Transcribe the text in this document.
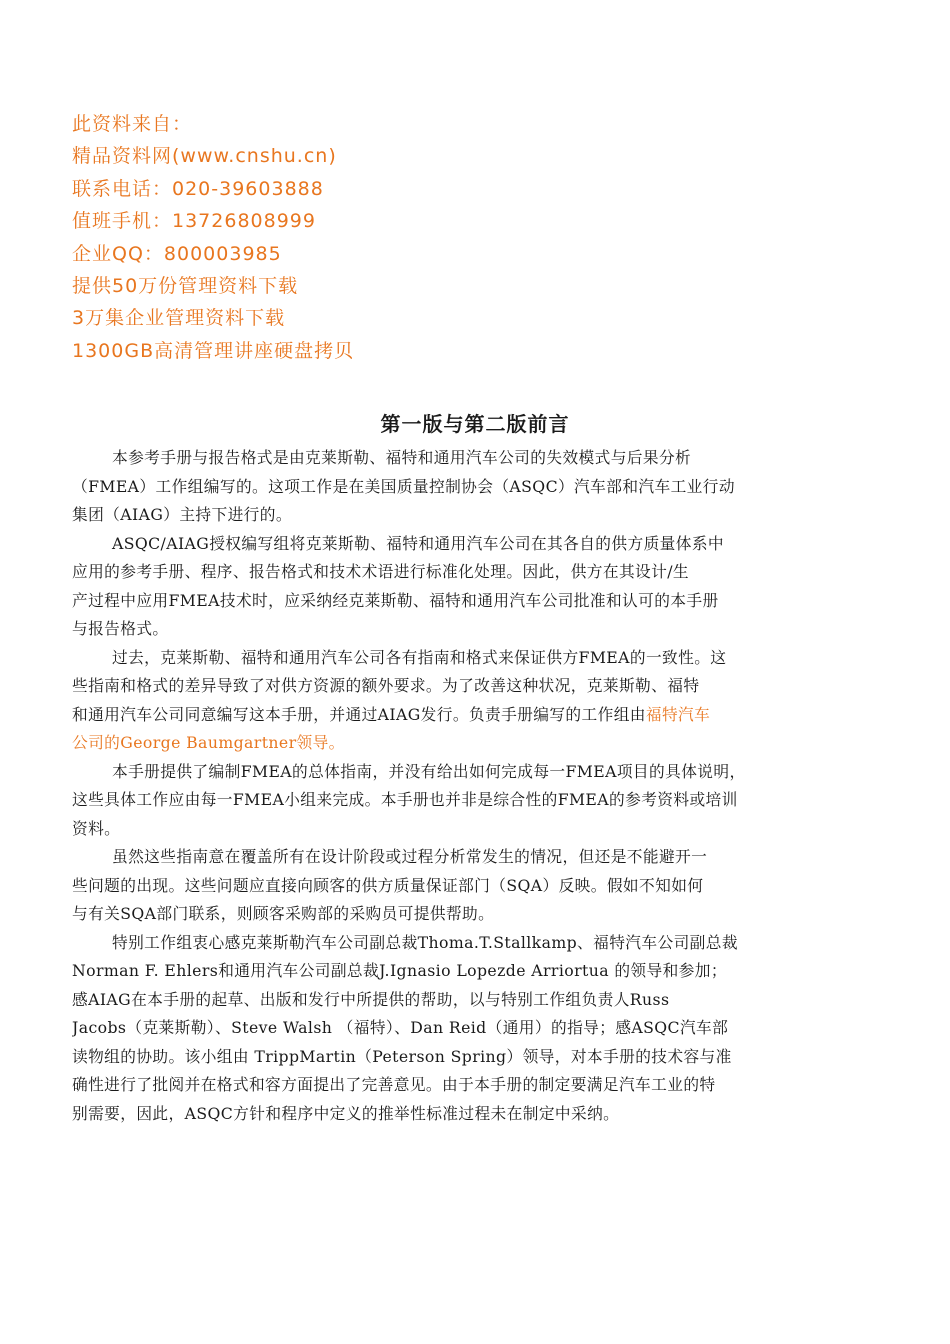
此资料来自：
精品资料网(www.cnshu.cn)
联系电话：020-39603888
值班手机：13726808999
企业QQ：800003985
提供50万份管理资料下载
3万集企业管理资料下载
1300GB高清管理讲座硬盘拷贝
第一版与第二版前言
本参考手册与报告格式是由克莱斯勒、福特和通用汽车公司的失效模式与后果分析
（FMEA）工作组编写的。这项工作是在美国质量控制协会（ASQC）汽车部和汽车工业行动
集团（AIAG）主持下进行的。
ASQC/AIAG授权编写组将克莱斯勒、福特和通用汽车公司在其各自的供方质量体系中
应用的参考手册、程序、报告格式和技术术语进行标准化处理。因此，供方在其设计/生
产过程中应用FMEA技术时，应采纳经克莱斯勒、福特和通用汽车公司批准和认可的本手册
与报告格式。
过去，克莱斯勒、福特和通用汽车公司各有指南和格式来保证供方FMEA的一致性。这
些指南和格式的差异导致了对供方资源的额外要求。为了改善这种状况，克莱斯勒、福特
和通用汽车公司同意编写这本手册，并通过AIAG发行。负责手册编写的工作组由福特汽车
公司的George Baumgartner领导。
本手册提供了编制FMEA的总体指南，并没有给出如何完成每一FMEA项目的具体说明，
这些具体工作应由每一FMEA小组来完成。本手册也并非是综合性的FMEA的参考资料或培训
资料。
虽然这些指南意在覆盖所有在设计阶段或过程分析常发生的情况，但还是不能避开一
些问题的出现。这些问题应直接向顾客的供方质量保证部门（SQA）反映。假如不知如何
与有关SQA部门联系，则顾客采购部的采购员可提供帮助。
特别工作组衷心感克莱斯勒汽车公司副总裁Thoma.T.Stallkamp、福特汽车公司副总裁
Norman F. Ehlers和通用汽车公司副总裁J.Ignasio Lopezde Arriortua 的领导和参加；
感AIAG在本手册的起草、出版和发行中所提供的帮助，以与特别工作组负责人Russ
Jacobs（克莱斯勒）、Steve Walsh （福特）、Dan Reid（通用）的指导；感ASQC汽车部
读物组的协助。该小组由 TrippMartin（Peterson Spring）领导，对本手册的技术容与准
确性进行了批阅并在格式和容方面提出了完善意见。由于本手册的制定要满足汽车工业的特
别需要，因此，ASQC方针和程序中定义的推举性标准过程未在制定中采纳。
